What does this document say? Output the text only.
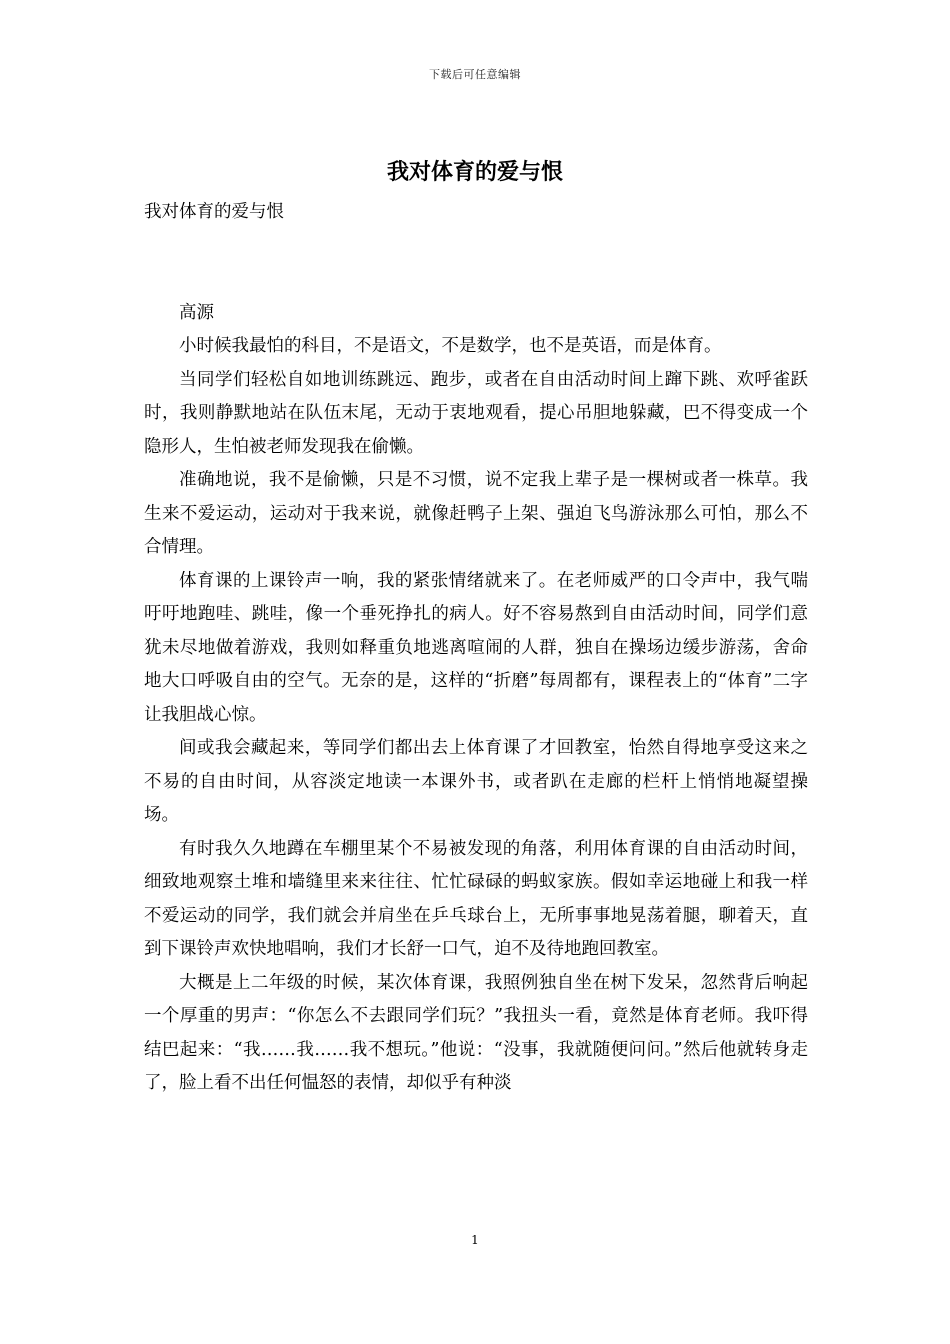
下载后可任意编辑
我对体育的爱与恨

我对体育的爱与恨

高源

小时候我最怕的科目，不是语文，不是数学，也不是英语，而是体育。

当同学们轻松自如地训练跳远、跑步，或者在自由活动时间上蹿下跳、欢呼雀跃时，我则静默地站在队伍末尾，无动于衷地观看，提心吊胆地躲藏，巴不得变成一个隐形人，生怕被老师发现我在偷懒。

准确地说，我不是偷懒，只是不习惯，说不定我上辈子是一棵树或者一株草。我生来不爱运动，运动对于我来说，就像赶鸭子上架、强迫飞鸟游泳那么可怕，那么不合情理。

体育课的上课铃声一响，我的紧张情绪就来了。在老师威严的口令声中，我气喘吁吁地跑哇、跳哇，像一个垂死挣扎的病人。好不容易熬到自由活动时间，同学们意犹未尽地做着游戏，我则如释重负地逃离喧闹的人群，独自在操场边缓步游荡，舍命地大口呼吸自由的空气。无奈的是，这样的“折磨”每周都有，课程表上的“体育”二字让我胆战心惊。

间或我会藏起来，等同学们都出去上体育课了才回教室，怡然自得地享受这来之不易的自由时间，从容淡定地读一本课外书，或者趴在走廊的栏杆上悄悄地凝望操场。

有时我久久地蹲在车棚里某个不易被发现的角落，利用体育课的自由活动时间，细致地观察土堆和墙缝里来来往往、忙忙碌碌的蚂蚁家族。假如幸运地碰上和我一样不爱运动的同学，我们就会并肩坐在乒乓球台上，无所事事地晃荡着腿，聊着天，直到下课铃声欢快地唱响，我们才长舒一口气，迫不及待地跑回教室。

大概是上二年级的时候，某次体育课，我照例独自坐在树下发呆，忽然背后响起一个厚重的男声：“你怎么不去跟同学们玩？”我扭头一看，竟然是体育老师。我吓得结巴起来：“我……我……我不想玩。”他说：“没事，我就随便问问。”然后他就转身走了，脸上看不出任何愠怒的表情，却似乎有种淡

1
